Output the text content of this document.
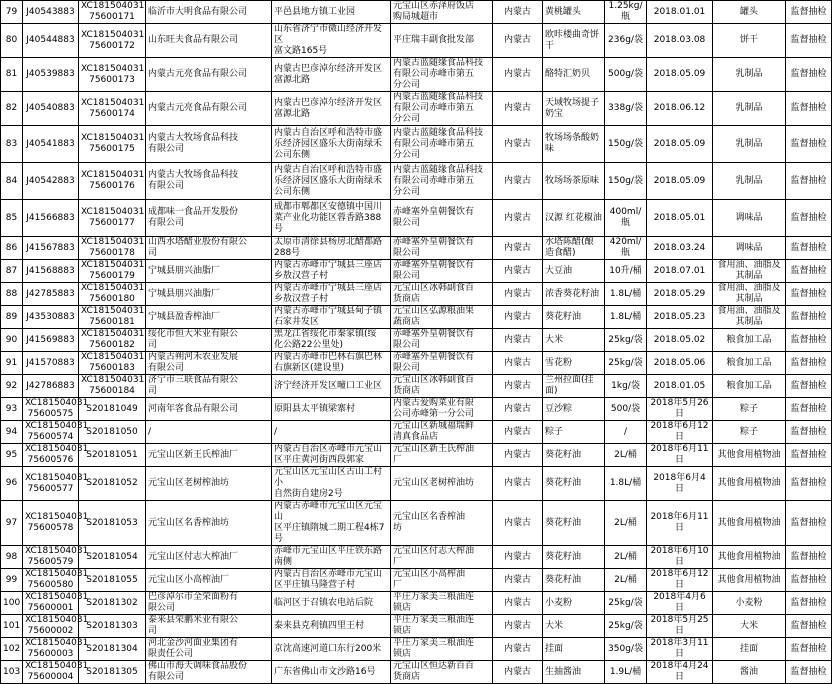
79	J40543883	XC181504031
75600171	临沂市大明食品有限公司	平邑县地方镇工业园	元宝山区赤泽府饭店
购局城超市	内蒙古	黄桃罐头	1.25kg/瓶	2018.01.01	罐头	监督抽检
80	J40544883	XC181504031
75600172	山东旺夫食品有限公司	山东省济宁市微山经济开发区
富文路165号	平庄瑞丰副食批发部	内蒙古	欧咔楼曲奇饼
干	236g/袋	2018.03.08	饼干	监督抽检
81	J40539883	XC181504031
75600173	内蒙古元亮食品有限公司	内蒙古巴彦淖尔经济开发区
富源北路	内蒙古蓝随缘食品科技
有限公司赤峰市第五
分公司	内蒙古	酪特汇奶贝	500g/袋	2018.05.09	乳制品	监督抽检
82	J40540883	XC181504031
75600174	内蒙古元亮食品有限公司	内蒙古巴彦淖尔经济开发区
富源北路	内蒙古蓝随缘食品科技
有限公司赤峰市第五
分公司	内蒙古	天域牧场提子
奶宝	338g/袋	2018.06.12	乳制品	监督抽检
83	J40541883	XC181504031
75600175	内蒙古大牧场食品科技
有限公司	内蒙古自治区呼和浩特市盛
乐经济园区盛乐大街南绿禾
公司东侧	内蒙古蓝随缘食品科技
有限公司赤峰市第五
分公司	内蒙古	牧场场条酸奶
味	150g/袋	2018.05.09	乳制品	监督抽检
84	J40542883	XC181504031
75600176	内蒙古大牧场食品科技
有限公司	内蒙古自治区呼和浩特市盛
乐经济园区盛乐大街南绿禾
公司东侧	内蒙古蓝随缘食品科技
有限公司赤峰市第五
分公司	内蒙古	牧场场茶原味	150g/袋	2018.05.09	乳制品	监督抽检
85	J41566883	XC181504031
75600177	成都味一食品开发股份
有限公司	成都市郫都区安德镇中国川
菜产业化功能区蓉香路388
号	赤峰塞外皇朝餐饮有
限公司	内蒙古	汉源 红花椒油	400ml/瓶	2018.05.01	调味品	监督抽检
86	J41567883	XC181504031
75600178	山西水塔醋业股份有限公
司	太原市清徐县杨房北醋都路
288号	赤峰塞外皇朝餐饮有
限公司	内蒙古	水塔陈醋(酿
造食醋)	420ml/瓶	2018.03.24	调味品	监督抽检
87	J41568883	XC181504031
75600179	宁城县朋兴油脂厂	内蒙古赤峰市宁城县三座店
乡敖汉营子村	赤峰塞外皇朝餐饮有
限公司	内蒙古	大豆油	10升/桶	2018.07.01	食用油、油脂及
其制品	监督抽检
88	J42785883	XC181504031
75600180	宁城县朋兴油脂厂	内蒙古赤峰市宁城县三座店
乡敖汉营子村	元宝山区冰韩副食百
货商店	内蒙古	浓香葵花籽油	1.8L/桶	2018.05.29	食用油、油脂及
其制品	监督抽检
89	J43530883	XC181504031
75600181	宁城县盈香榨油厂	内蒙古赤峰市宁城县甸子镇
石家井发区	元宝山区弘源粮油果
蔬商店	内蒙古	葵花籽油	1.8L/桶	2018.05.23	食用油、油脂及
其制品	监督抽检
90	J41569883	XC181504031
75600182	绥化市恒大米业有限公
司	黑龙江省绥化市秦家镇(绥
化公路22公里处)	赤峰塞外皇朝餐饮有
限公司	内蒙古	大米	25kg/袋	2018.05.02	粮食加工品	监督抽检
91	J41570883	XC181504031
75600183	内蒙古朔河禾农业发展
有限公司	内蒙古赤峰市巴林右旗巴林
右旗新区(建设里)	赤峰塞外皇朝餐饮有
限公司	内蒙古	雪花粉	25kg/袋	2018.05.06	粮食加工品	监督抽检
92	J42786883	XC181504031
75600184	济宁市三联食品有限公
司	济宁经济开发区疃口工业区	元宝山区冰韩副食百
货商店	内蒙古	兰州拉面(挂
面)	1kg/袋	2018.01.05	粮食加工品	监督抽检
93	XC181504031
75600575	S20181049	河南年客食品有限公司	原阳县太平镇梁寨村	内蒙古爱购菜业有限
公司赤峰第一分公司	内蒙古	豆沙粽	500/袋	2018年5月26日	粽子	监督抽检
94	XC181504031
75600574	S20181050	/	/	元宝山区新城福瑞鲜
清真食品店	内蒙古	粽子	/	2018年6月12日	粽子	监督抽检
95	XC181504031
75600576	S20181051	元宝山区新王氏榨油厂	内蒙古自治区赤峰市元宝山
区平庄黄河街西段郭家	元宝山区新王氏榨油
厂	内蒙古	葵花籽油	2L/桶	2018年6月11日	其他食用植物油	监督抽检
96	XC181504031
75600577	S20181052	元宝山区老树榨油坊	元宝山区元宝山区古山工村小
自然街自建房2号	元宝山区老树榨油坊	内蒙古	葵花籽油	1.8L/桶	2018年6月4日	其他食用植物油	监督抽检
97	XC181504031
75600578	S20181053	元宝山区名香榨油坊	内蒙古赤峰市元宝山区元宝山
区平庄镇隋城二期工程4栋7
号	元宝山区名香榨油
坊	内蒙古	葵花籽油	2L/桶	2018年6月11日	其他食用植物油	监督抽检
98	XC181504031
75600579	S20181054	元宝山区付志大榨油厂	赤峰市元宝山区平庄铁东路
南侧	元宝山区付志大榨油
厂	内蒙古	葵花籽油	2L/桶	2018年6月10日	其他食用植物油	监督抽检
99	XC181504031
75600580	S20181055	元宝山区小高榨油厂	内蒙古自治区赤峰市元宝山
区平庄镇马隆营子村	元宝山区小高榨油
厂	内蒙古	葵花籽油	2L/桶	2018年6月12日	其他食用植物油	监督抽检
100	XC181504031
75600001	S20181302	巴彦淖尔市全荣面粉有
限公司	临河区于召镇农电站后院	平庄万家美三粮油连
锁店	内蒙古	小麦粉	25kg/袋	2018年4月6日	小麦粉	监督抽检
101	XC181504031
75600002	S20181303	泰来县荣鹏米业有限公
司	泰来县克利镇四里王村	平庄万家美三粮油连
锁店	内蒙古	大米	25kg/袋	2018年5月25日	大米	监督抽检
102	XC181504031
75600003	S20181304	河北金沙河面业集团有
限责任公司	京沈高速河道口东行200米	平庄万家美三粮油连
锁店	内蒙古	挂面	350g/袋	2018年3月11日	挂面	监督抽检
103	XC181504031
75600004	S20181305	佛山市海天调味食品股份
有限公司	广东省佛山市文沙路16号	元宝山区恒达新百百
货商店	内蒙古	生抽酱油	1.9L/桶	2018年4月24日	酱油	监督抽检
